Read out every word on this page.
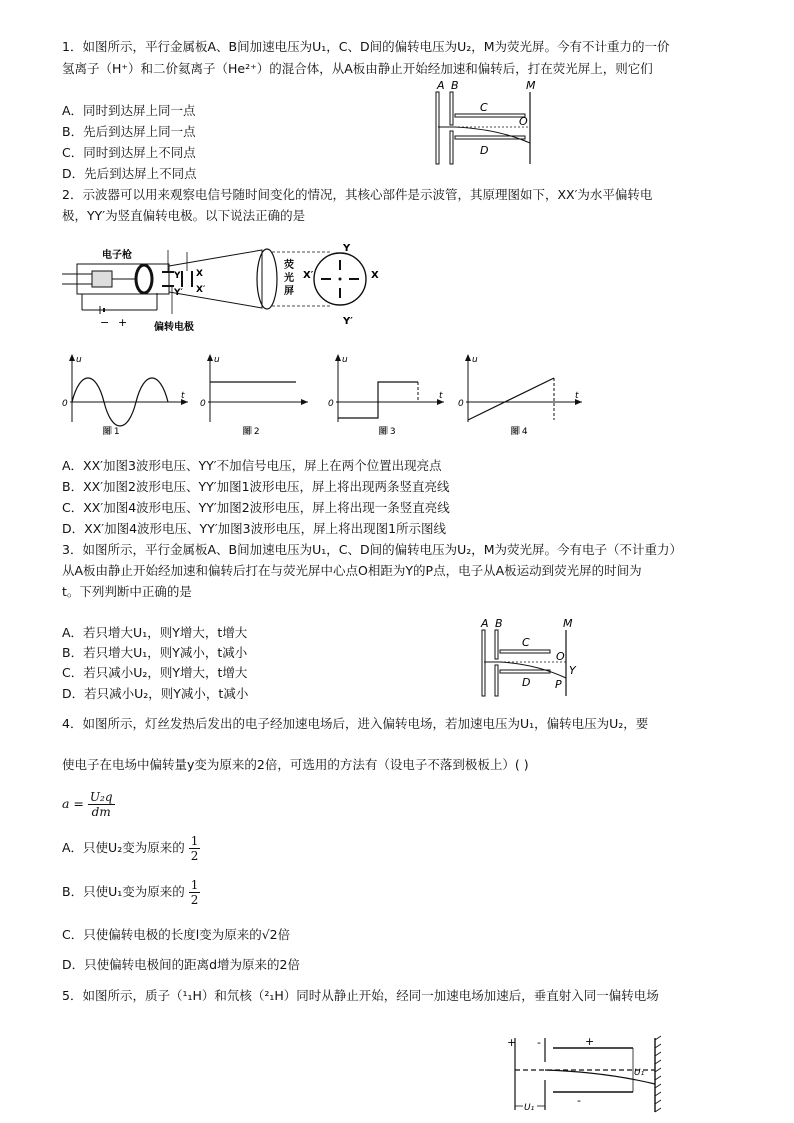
1．如图所示，平行金属板A、B间加速电压为U₁，C、D间的偏转电压为U₂，M为荧光屏。今有不计重力的一价
氢离子（H⁺）和二价氦离子（He²⁺）的混合体，从A板由静止开始经加速和偏转后，打在荧光屏上，则它们
A．同时到达屏上同一点
B．先后到达屏上同一点
C．同时到达屏上不同点
D．先后到达屏上不同点
A B	M
C
D
O
2．示波器可以用来观察电信号随时间变化的情况，其核心部件是示波管，其原理图如下，XX′为水平偏转电
极，YY′为竖直偏转电极。以下说法正确的是
电子枪
− +
Y
Y′
X
X′
偏转电极
荧
光
屏
Y
Y′
X′	X
u
t
0
图 1
u
0
图 2
u
t
0
图 3
u
t
0
图 4
A．XX′加图3波形电压、YY′不加信号电压，屏上在两个位置出现亮点
B．XX′加图2波形电压、YY′加图1波形电压，屏上将出现两条竖直亮线
C．XX′加图4波形电压、YY′加图2波形电压，屏上将出现一条竖直亮线
D．XX′加图4波形电压、YY′加图3波形电压，屏上将出现图1所示图线
3．如图所示，平行金属板A、B间加速电压为U₁，C、D间的偏转电压为U₂，M为荧光屏。今有电子（不计重力）
从A板由静止开始经加速和偏转后打在与荧光屏中心点O相距为Y的P点，电子从A板运动到荧光屏的时间为
t。下列判断中正确的是
A．若只增大U₁，则Y增大，t增大
B．若只增大U₁，则Y减小，t减小
C．若只减小U₂，则Y增大，t增大
D．若只减小U₂，则Y减小，t减小
A B	M
C
D
O
Y
P
4．如图所示，灯丝发热后发出的电子经加速电场后，进入偏转电场，若加速电压为U₁，偏转电压为U₂，要
使电子在电场中偏转量y变为原来的2倍，可选用的方法有（设电子不落到极板上）( )
$a = \frac{\text{U₂q}}{dm}$
A．只使U₂变为原来的 $\frac{1}{2}$
B．只使U₁变为原来的 $\frac{1}{2}$
C．只使偏转电极的长度l变为原来的√2倍
D．只使偏转电极间的距离d增为原来的2倍
5．如图所示，质子（¹₁H）和氘核（²₁H）同时从静止开始，经同一加速电场加速后，垂直射入同一偏转电场
+ -	+
-
U₁
U₁
